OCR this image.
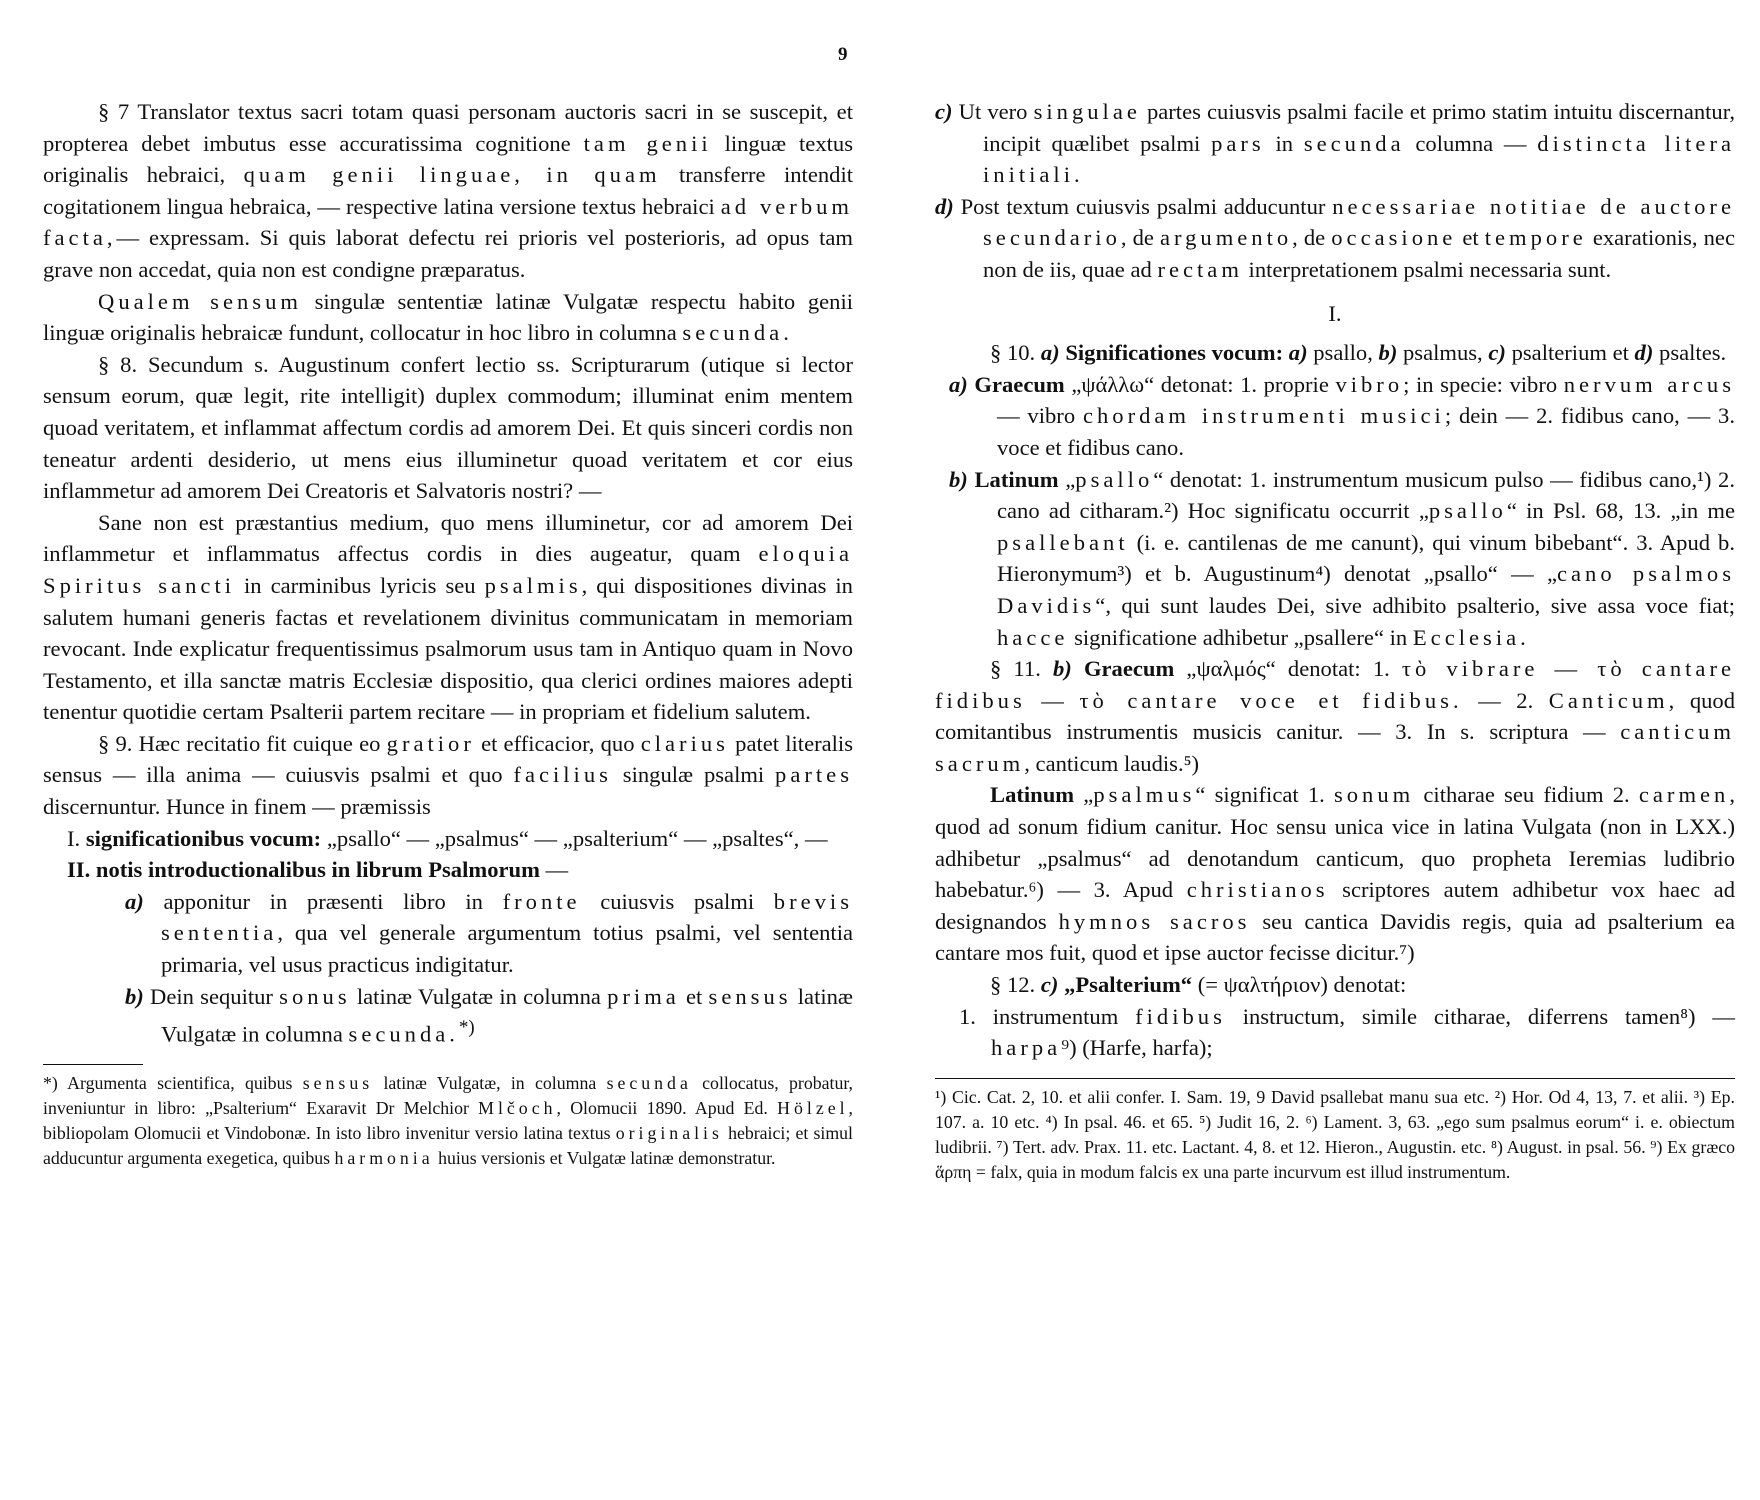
9

§ 7 Translator textus sacri totam quasi personam auctoris sacri in se suscepit, et propterea debet imbutus esse accuratissima cognitione tam genii linguæ textus originalis hebraici, quam genii linguae, in quam transferre intendit cogitationem lingua hebraica, — respective latina versione textus hebraici ad verbum facta,— expressam. Si quis laborat defectu rei prioris vel posterioris, ad opus tam grave non accedat, quia non est condigne præparatus.

Qualem sensum singulæ sententiæ latinæ Vulgatæ respectu habito genii linguæ originalis hebraicæ fundunt, collocatur in hoc libro in columna secunda.

§ 8. Secundum s. Augustinum confert lectio ss. Scripturarum (utique si lector sensum eorum, quæ legit, rite intelligit) duplex commodum; illuminat enim mentem quoad veritatem, et inflammat affectum cordis ad amorem Dei. Et quis sinceri cordis non teneatur ardenti desiderio, ut mens eius illuminetur quoad veritatem et cor eius inflammetur ad amorem Dei Creatoris et Salvatoris nostri? —

Sane non est præstantius medium, quo mens illuminetur, cor ad amorem Dei inflammetur et inflammatus affectus cordis in dies augeatur, quam eloquia Spiritus sancti in carminibus lyricis seu psalmis, qui dispositiones divinas in salutem humani generis factas et revelationem divinitus communicatam in memoriam revocant. Inde explicatur frequentissimus psalmorum usus tam in Antiquo quam in Novo Testamento, et illa sanctæ matris Ecclesiæ dispositio, qua clerici ordines maiores adepti tenentur quotidie certam Psalterii partem recitare — in propriam et fidelium salutem.

§ 9. Hæc recitatio fit cuique eo gratior et efficacior, quo clarius patet literalis sensus — illa anima — cuiusvis psalmi et quo facilius singulæ psalmi partes discernuntur. Hunce in finem — præmissis

I. significationibus vocum: „psallo“ — „psalmus“ — „psalterium“ — „psaltes“, —

II. notis introductionalibus in librum Psalmorum —

a) apponitur in præsenti libro in fronte cuiusvis psalmi brevis sententia, qua vel generale argumentum totius psalmi, vel sententia primaria, vel usus practicus indigitatur.

b) Dein sequitur sonus latinæ Vulgatæ in columna prima et sensus latinæ Vulgatæ in columna secunda.*)

*) Argumenta scientifica, quibus sensus latinæ Vulgatæ, in columna secunda collocatus, probatur, inveniuntur in libro: „Psalterium“ Exaravit Dr Melchior Mlčoch, Olomucii 1890. Apud Ed. Hölzel, bibliopolam Olomucii et Vindobonæ. In isto libro invenitur versio latina textus originalis hebraici; et simul adducuntur argumenta exegetica, quibus harmonia huius versionis et Vulgatæ latinæ demonstratur.

c) Ut vero singulae partes cuiusvis psalmi facile et primo statim intuitu discernantur, incipit quælibet psalmi pars in secunda columna — distincta litera initiali.

d) Post textum cuiusvis psalmi adducuntur necessariae notitiae de auctore secundario, de argumento, de occasione et tempore exarationis, nec non de iis, quae ad rectam interpretationem psalmi necessaria sunt.

I.

§ 10. a) Significationes vocum: a) psallo, b) psalmus, c) psalterium et d) psaltes.

a) Graecum „ψάλλω“ detonat: 1. proprie vibro; in specie: vibro nervum arcus — vibro chordam instrumenti musici; dein — 2. fidibus cano, — 3. voce et fidibus cano.

b) Latinum „psallo“ denotat: 1. instrumentum musicum pulso — fidibus cano,¹) 2. cano ad citharam.²) Hoc significatu occurrit „psallo“ in Psl. 68, 13. „in me psallebant (i. e. cantilenas de me canunt), qui vinum bibebant“. 3. Apud b. Hieronymum³) et b. Augustinum⁴) denotat „psallo“ — „cano psalmos Davidis“, qui sunt laudes Dei, sive adhibito psalterio, sive assa voce fiat; hacce significatione adhibetur „psallere“ in Ecclesia.

§ 11. b) Graecum „ψαλμός“ denotat: 1. τὸ vibrare — τὸ cantare fidibus — τὸ cantare voce et fidibus. — 2. Canticum, quod comitantibus instrumentis musicis canitur. — 3. In s. scriptura — canticum sacrum, canticum laudis.⁵)

Latinum „psalmus“ significat 1. sonum citharae seu fidium 2. carmen, quod ad sonum fidium canitur. Hoc sensu unica vice in latina Vulgata (non in LXX.) adhibetur „psalmus“ ad denotandum canticum, quo propheta Ieremias ludibrio habebatur.⁶) — 3. Apud christianos scriptores autem adhibetur vox haec ad designandos hymnos sacros seu cantica Davidis regis, quia ad psalterium ea cantare mos fuit, quod et ipse auctor fecisse dicitur.⁷)

§ 12. c) „Psalterium“ (= ψαλτήριον) denotat:

1. instrumentum fidibus instructum, simile citharae, diferrens tamen⁸) — harpa⁹) (Harfe, harfa);

¹) Cic. Cat. 2, 10. et alii confer. I. Sam. 19, 9 David psallebat manu sua etc. ²) Hor. Od 4, 13, 7. et alii. ³) Ep. 107. a. 10 etc. ⁴) In psal. 46. et 65. ⁵) Judit 16, 2. ⁶) Lament. 3, 63. „ego sum psalmus eorum“ i. e. obiectum ludibrii. ⁷) Tert. adv. Prax. 11. etc. Lactant. 4, 8. et 12. Hieron., Augustin. etc. ⁸) August. in psal. 56. ⁹) Ex græco ἅρπη = falx, quia in modum falcis ex una parte incurvum est illud instrumentum.
